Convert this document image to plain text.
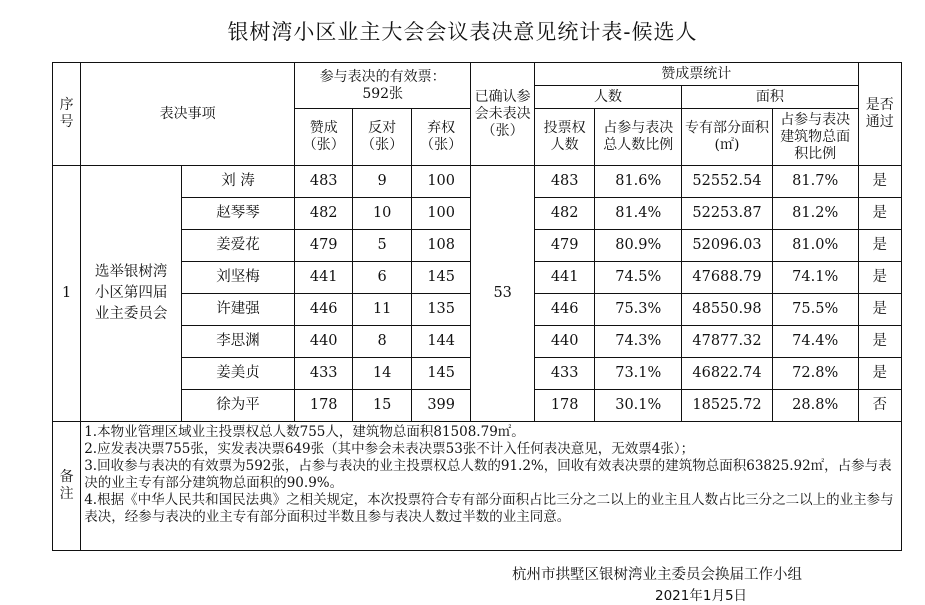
银树湾小区业主大会会议表决意见统计表-候选人
序号	表决事项		参与表决的有效票：592张			已确认参会未表决（张）	赞成票统计				是否通过
							人数		面积		
			赞成（张）	反对（张）	弃权（张）		投票权人数	占参与表决总人数比例	专有部分面积(㎡)	占参与表决建筑物总面积比例	
1	选举银树湾小区第四届业主委员会	刘 涛	483	9	100	53	483	81.6%	52552.54	81.7%	是
		赵琴琴	482	10	100		482	81.4%	52253.87	81.2%	是
		姜爱花	479	5	108		479	80.9%	52096.03	81.0%	是
		刘坚梅	441	6	145		441	74.5%	47688.79	74.1%	是
		许建强	446	11	135		446	75.3%	48550.98	75.5%	是
		李思渊	440	8	144		440	74.3%	47877.32	74.4%	是
		姜美贞	433	14	145		433	73.1%	46822.74	72.8%	是
		徐为平	178	15	399		178	30.1%	18525.72	28.8%	否
备注	1.本物业管理区域业主投票权总人数755人，建筑物总面积81508.79㎡。
2.应发表决票755张，实发表决票649张（其中参会未表决票53张不计入任何表决意见，无效票4张）；
3.回收参与表决的有效票为592张，占参与表决的业主投票权总人数的91.2%，回收有效表决票的建筑物总面积63825.92㎡，占参与表决的业主专有部分建筑物总面积的90.9%。
4.根据《中华人民共和国民法典》之相关规定，本次投票符合专有部分面积占比三分之二以上的业主且人数占比三分之二以上的业主参与表决，经参与表决的业主专有部分面积过半数且参与表决人数过半数的业主同意。										
杭州市拱墅区银树湾业主委员会换届工作小组
2021年1月5日
